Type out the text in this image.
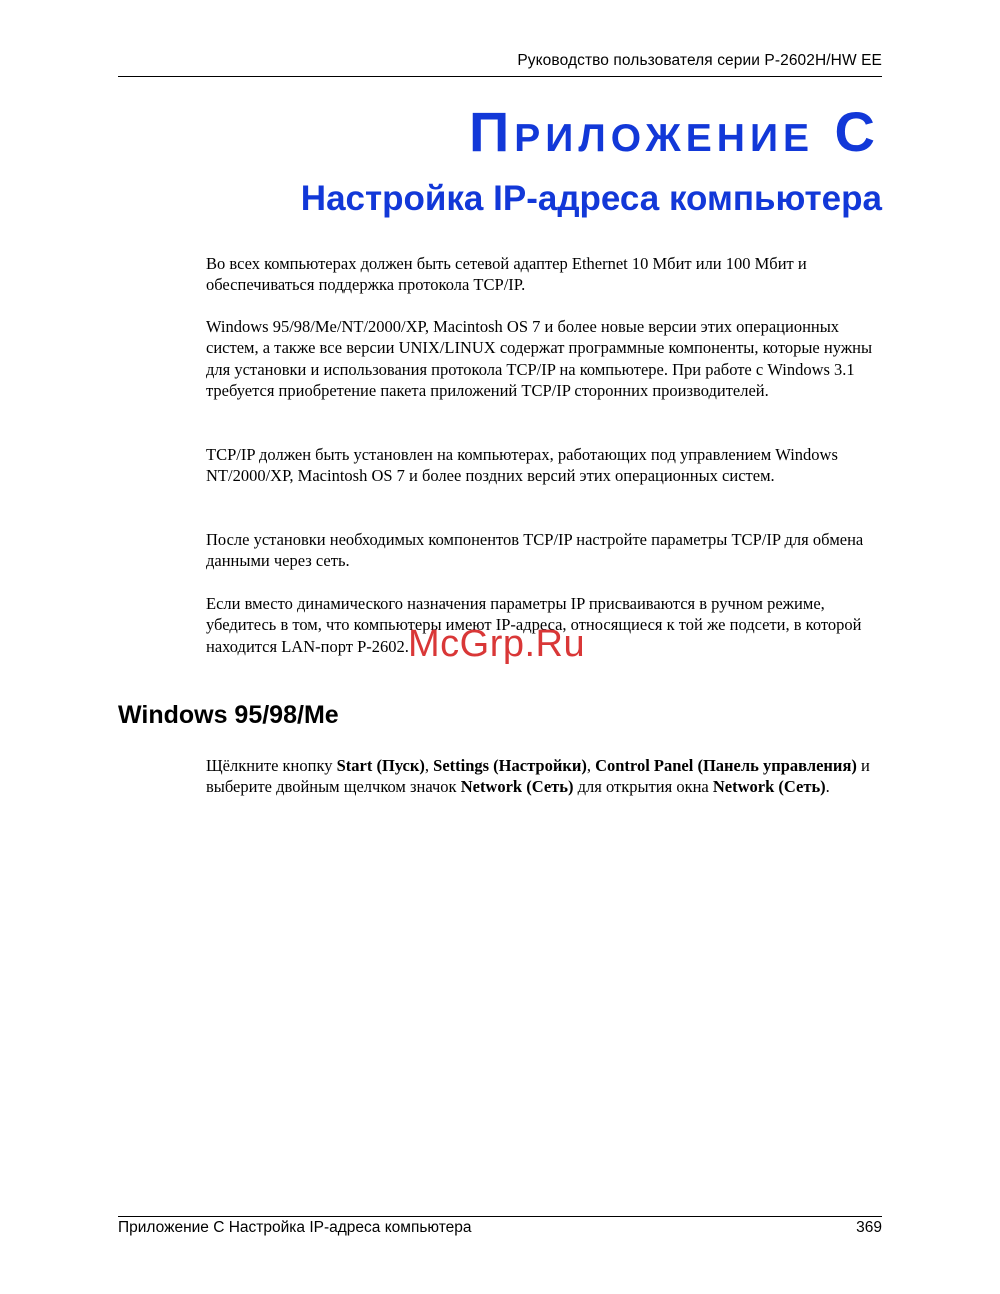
Руководство пользователя серии P-2602H/HW EE
Приложение C
Настройка IP-адреса компьютера

Во всех компьютерах должен быть сетевой адаптер Ethernet 10 Мбит или 100 Мбит и обеспечиваться поддержка протокола TCP/IP.

Windows 95/98/Me/NT/2000/XP, Macintosh OS 7 и более новые версии этих операционных систем, а также все версии UNIX/LINUX содержат программные компоненты, которые нужны для установки и использования протокола TCP/IP на компьютере. При работе с Windows 3.1 требуется приобретение пакета приложений TCP/IP сторонних производителей.

TCP/IP должен быть установлен на компьютерах, работающих под управлением Windows NT/2000/XP, Macintosh OS 7 и более поздних версий этих операционных систем.

После установки необходимых компонентов TCP/IP настройте параметры TCP/IP для обмена данными через сеть.

Если вместо динамического назначения параметры IP присваиваются в ручном режиме, убедитесь в том, что компьютеры имеют IP-адреса, относящиеся к той же подсети, в которой находится LAN-порт P-2602.

Windows 95/98/Me

Щёлкните кнопку Start (Пуск), Settings (Настройки), Control Panel (Панель управления) и выберите двойным щелчком значок Network (Сеть) для открытия окна Network (Сеть).

McGrp.Ru
Приложение C Настройка IP-адреса компьютера	369
